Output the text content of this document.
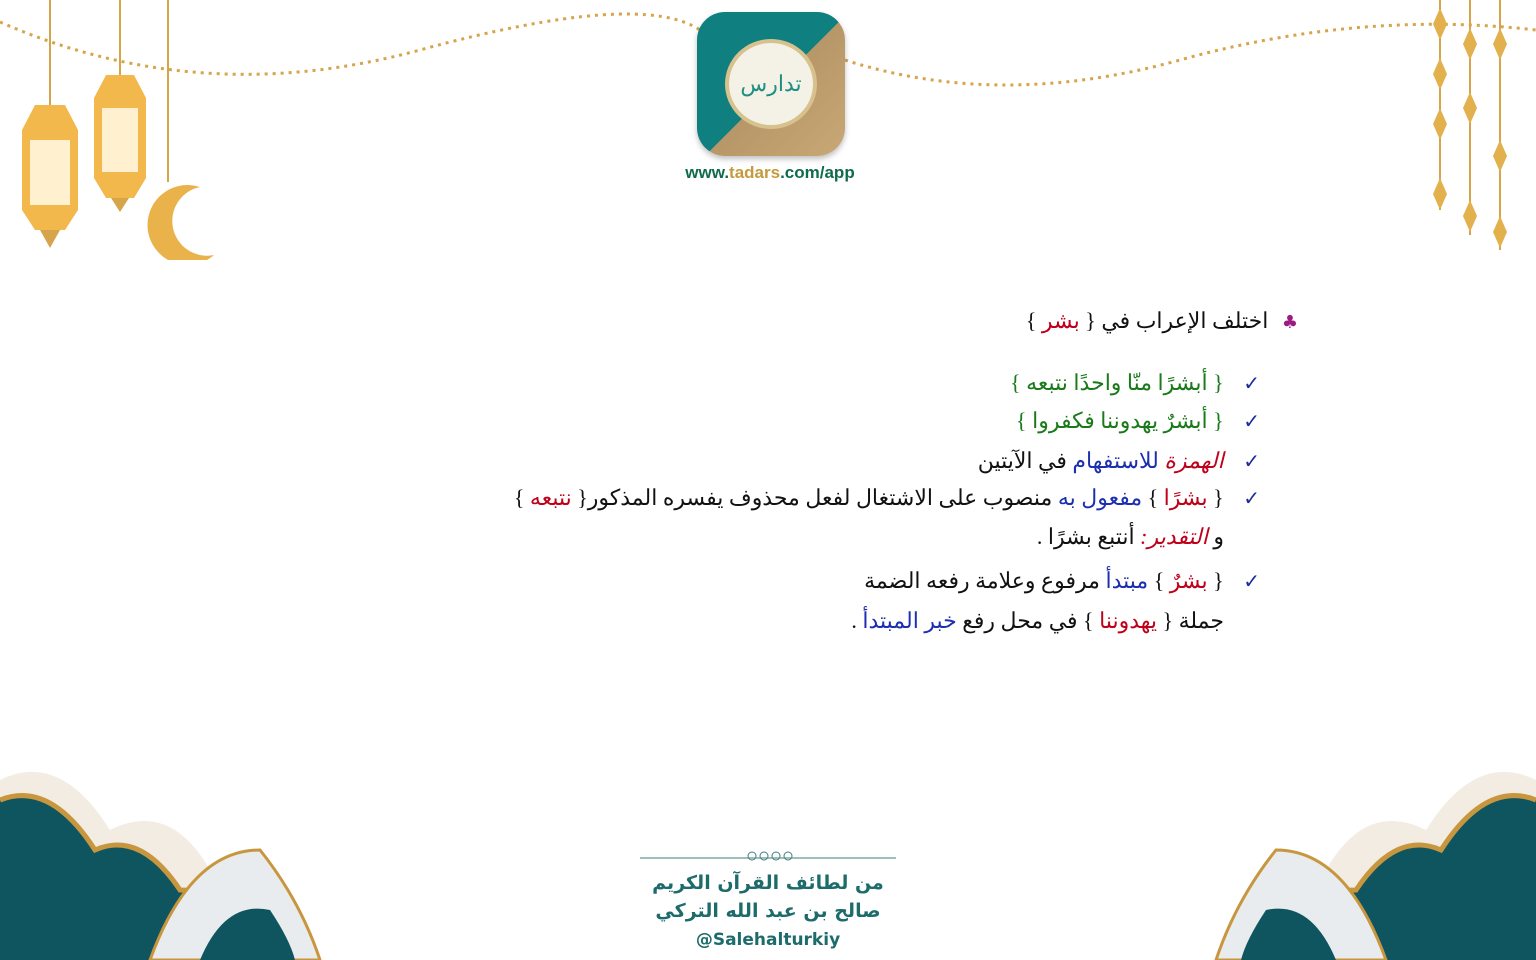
تدارس
www.tadars.com/app
♣ اختلف الإعراب في { بشر }
✓ { أبشرًا منّا واحدًا نتبعه }
✓ { أبشرٌ يهدوننا فكفروا }
✓ الهمزة للاستفهام في الآيتين
✓ { بشرًا } مفعول به منصوب على الاشتغال لفعل محذوف يفسره المذكور{ نتبعه }
و التقدير: أنتبع بشرًا .
✓ { بشرٌ } مبتدأ مرفوع وعلامة رفعه الضمة
جملة { يهدوننا } في محل رفع خبر المبتدأ .
من لطائف القرآن الكريم
صالح بن عبد الله التركي
@Salehalturkiy
